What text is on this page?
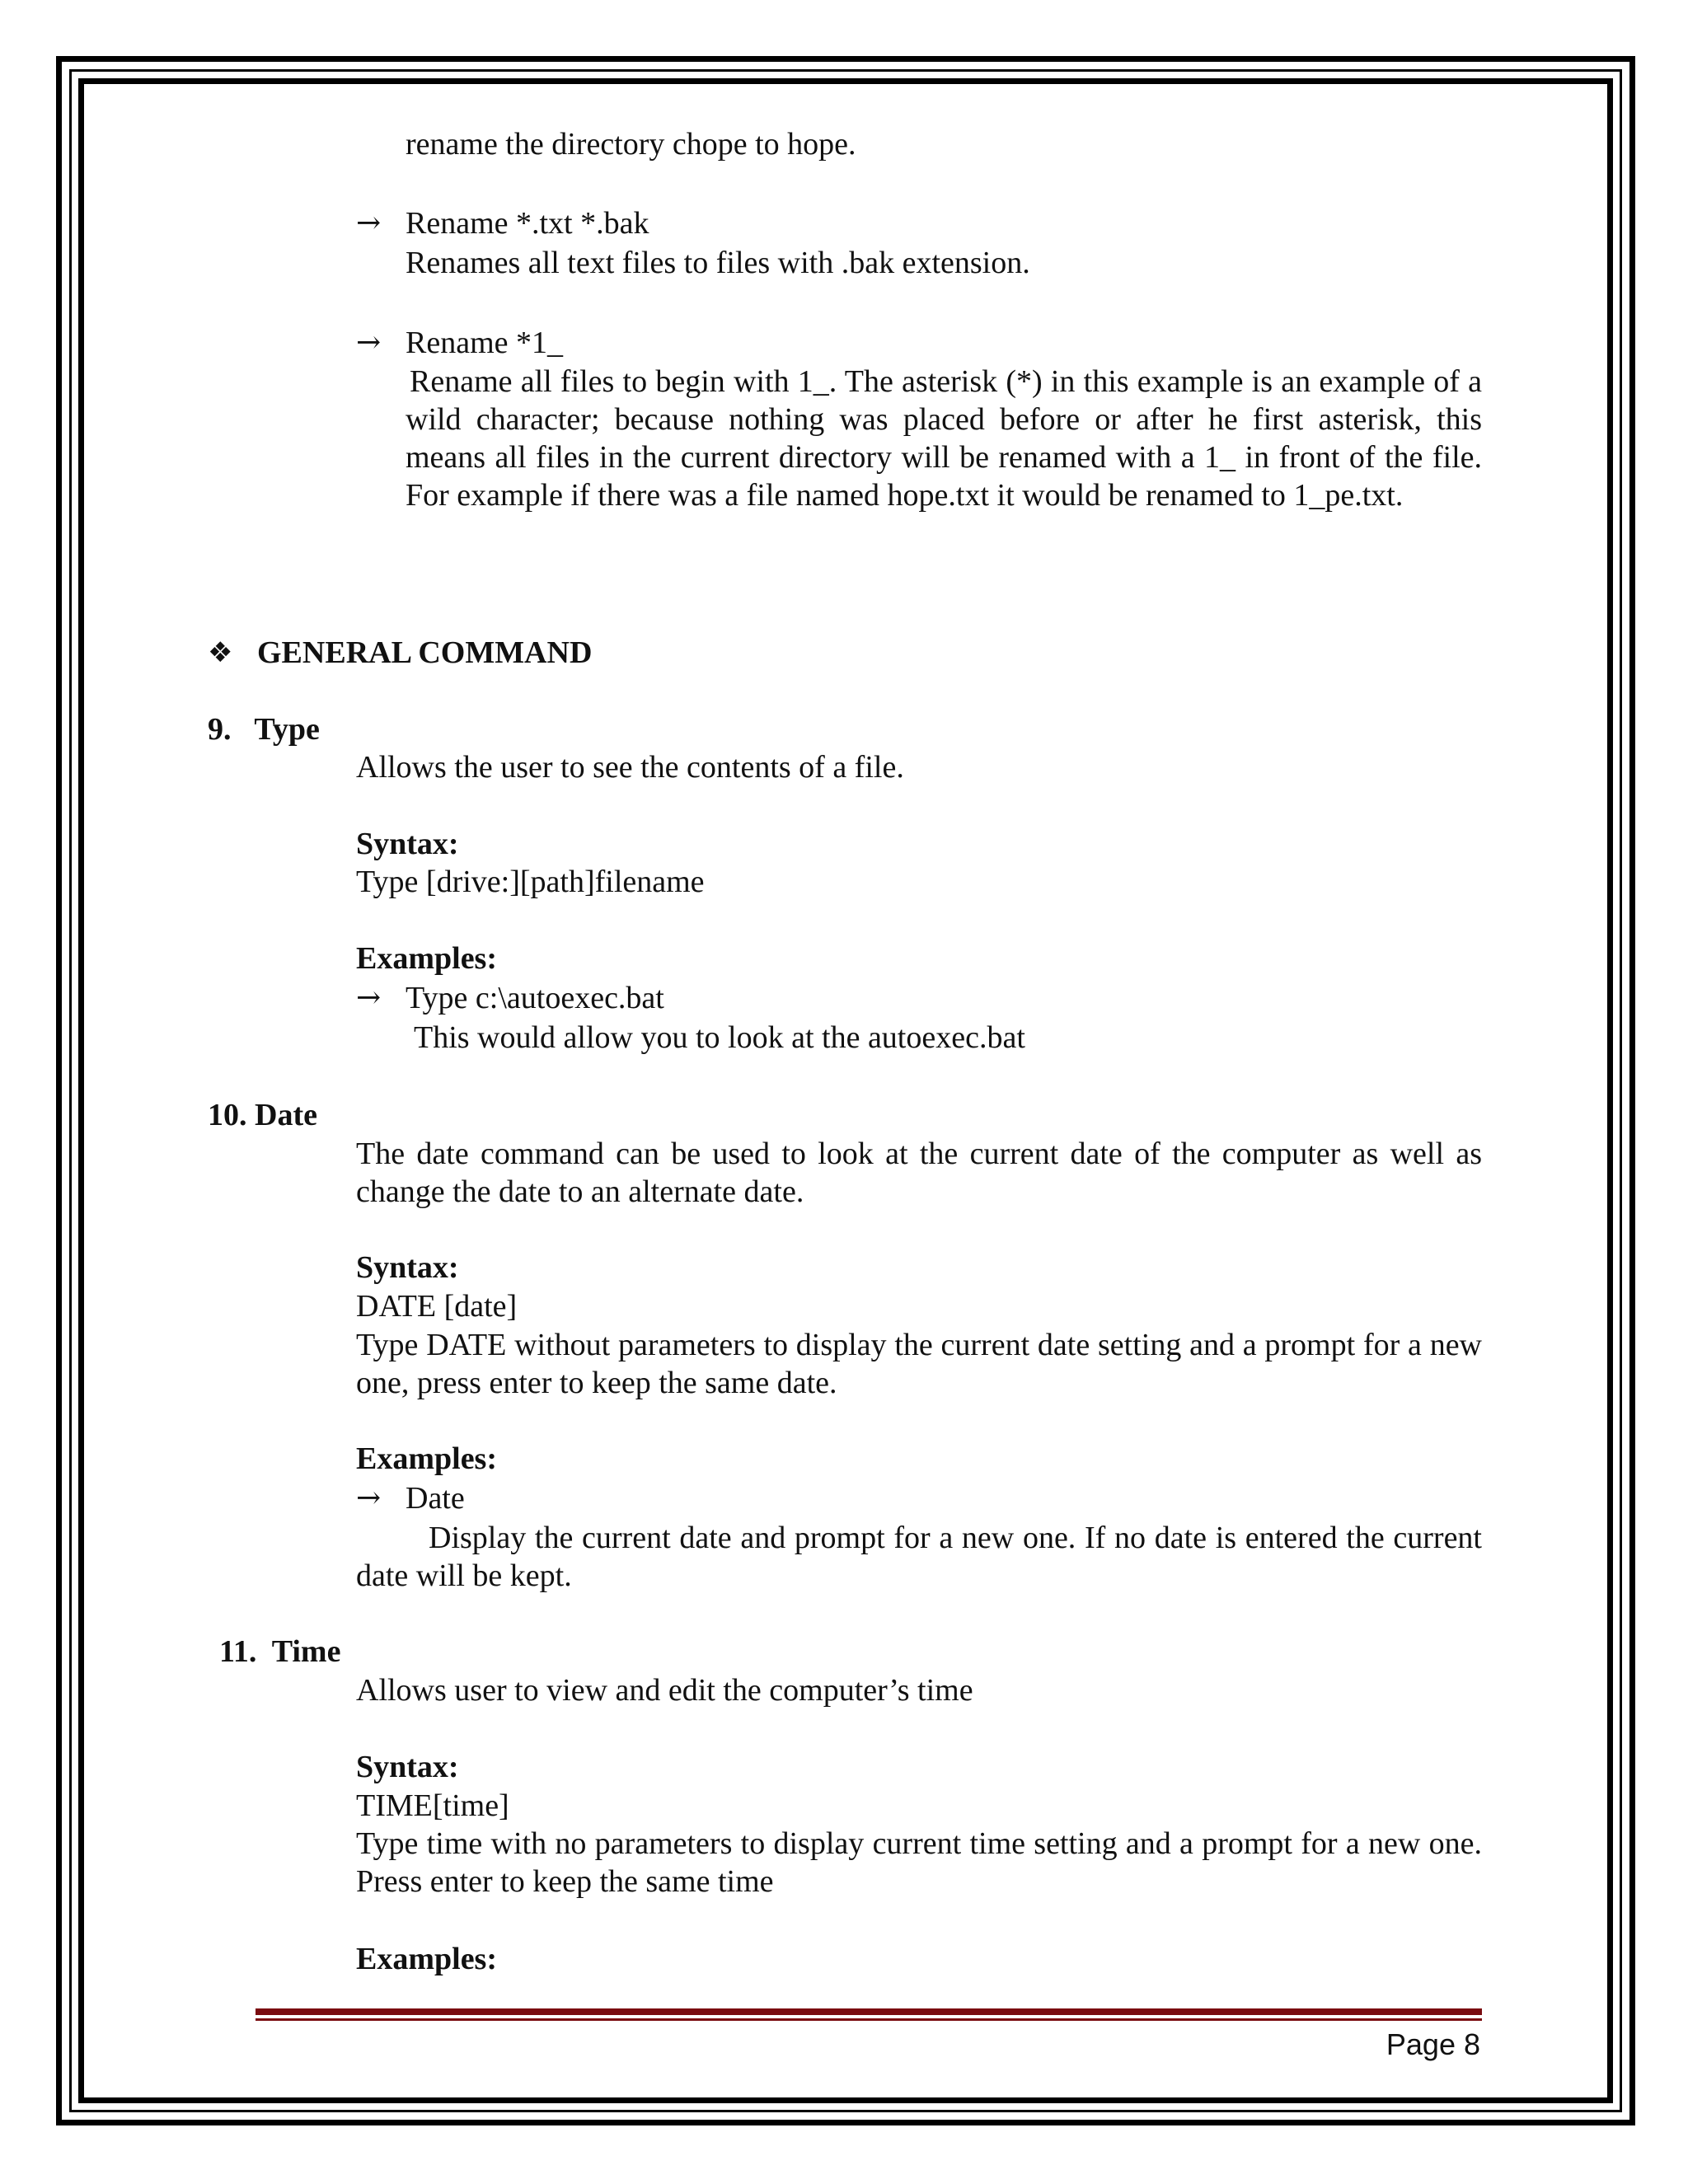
rename the directory chope to hope.

→ Rename *.txt *.bak

Renames all text files to files with .bak extension.

→ Rename *1_

Rename all files to begin with 1_. The asterisk (*) in this example is an example of a wild character; because nothing was placed before or after he first asterisk, this means all files in the current directory will be renamed with a 1_ in front of the file. For example if there was a file named hope.txt it would be renamed to 1_pe.txt.

❖ GENERAL COMMAND

9.   Type

Allows the user to see the contents of a file.

Syntax:

Type [drive:][path]filename

Examples:

→ Type c:\autoexec.bat

This would allow you to look at the autoexec.bat

10. Date

The date command can be used to look at the current date of the computer as well as change the date to an alternate date.

Syntax:

DATE [date]

Type DATE without parameters to display the current date setting and a prompt for a new one, press enter to keep the same date.

Examples:

→ Date

Display the current date and prompt for a new one. If no date is entered the current date will be kept.

11.  Time

Allows user to view and edit the computer’s time

Syntax:

TIME[time]

Type time with no parameters to display current time setting and a prompt for a new one. Press enter to keep the same time

Examples:

Page 8
